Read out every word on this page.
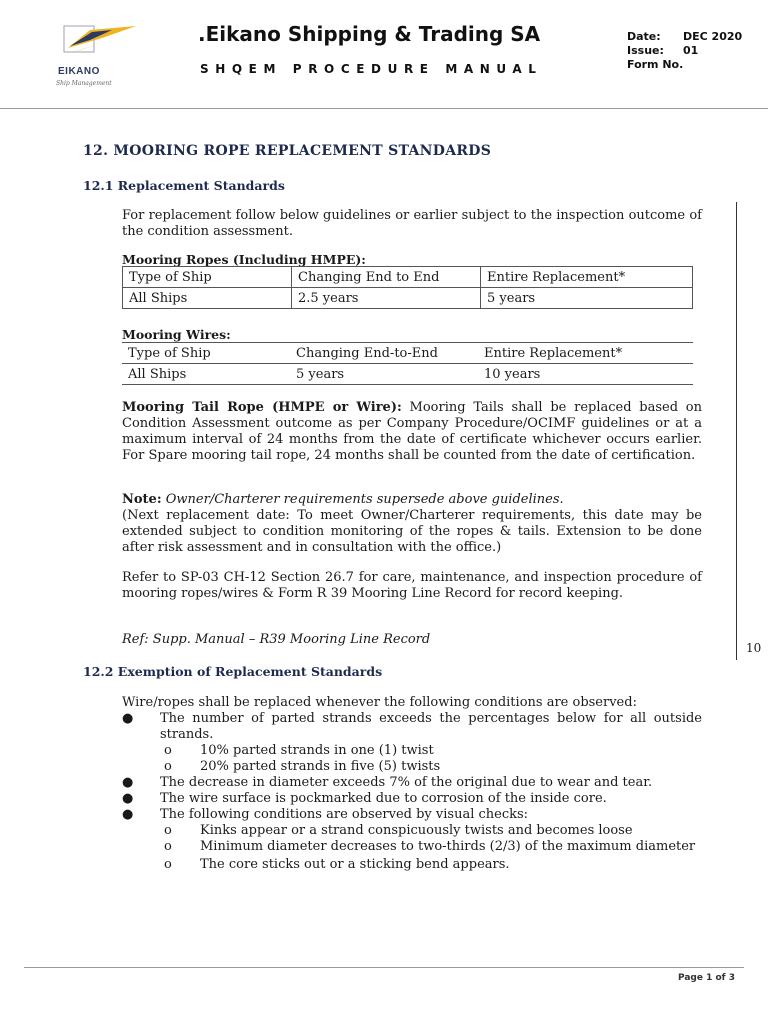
EIKANO
Ship Management
.Eikano Shipping & Trading SA
SHQEM PROCEDURE MANUAL
Date: DEC 2020
Issue: 01
Form No.
12. MOORING ROPE REPLACEMENT STANDARDS
12.1 Replacement Standards
For replacement follow below guidelines or earlier subject to the inspection outcome of the condition assessment.
Mooring Ropes (Including HMPE):
Type of Ship	Changing End to End	Entire Replacement*
All Ships	2.5 years	5 years
Mooring Wires:
Type of Ship	Changing End-to-End	Entire Replacement*
All Ships	5 years	10 years
Mooring Tail Rope (HMPE or Wire): Mooring Tails shall be replaced based on Condition Assessment outcome as per Company Procedure/OCIMF guidelines or at a maximum interval of 24 months from the date of certificate whichever occurs earlier. For Spare mooring tail rope, 24 months shall be counted from the date of certification.
Note: Owner/Charterer requirements supersede above guidelines.
(Next replacement date: To meet Owner/Charterer requirements, this date may be extended subject to condition monitoring of the ropes & tails. Extension to be done after risk assessment and in consultation with the office.)
Refer to SP-03 CH-12 Section 26.7 for care, maintenance, and inspection procedure of mooring ropes/wires & Form R 39 Mooring Line Record for record keeping.
Ref: Supp. Manual – R39 Mooring Line Record
10
12.2 Exemption of Replacement Standards
Wire/ropes shall be replaced whenever the following conditions are observed:
● The number of parted strands exceeds the percentages below for all outside strands.
o 10% parted strands in one (1) twist
o 20% parted strands in five (5) twists
● The decrease in diameter exceeds 7% of the original due to wear and tear.
● The wire surface is pockmarked due to corrosion of the inside core.
● The following conditions are observed by visual checks:
o Kinks appear or a strand conspicuously twists and becomes loose
o Minimum diameter decreases to two-thirds (2/3) of the maximum diameter
o The core sticks out or a sticking bend appears.
Page 1 of 3
